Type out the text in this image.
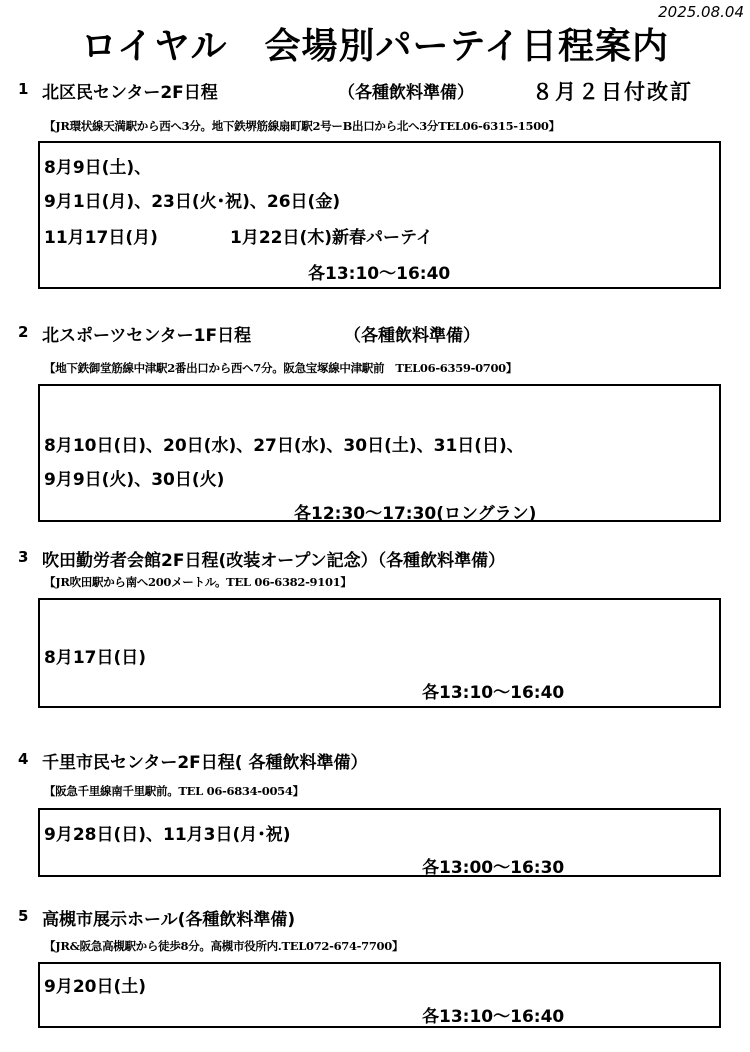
2025.08.04
ロイヤル　会場別パーテイ日程案内
1 北区民センター2F日程	（各種飲料準備）	８月２日付改訂
【JR環状線天満駅から西へ3分。地下鉄堺筋線扇町駅2号ーB出口から北へ3分TEL06-6315-1500】
8月9日(土)、
9月1日(月)、23日(火･祝)、26日(金)
11月17日(月)	1月22日(木)新春パーテイ
各13:10〜16:40
2 北スポーツセンター1F日程	（各種飲料準備）
【地下鉄御堂筋線中津駅2番出口から西へ7分。阪急宝塚線中津駅前　TEL06-6359-0700】
8月10日(日)、20日(水)、27日(水)、30日(土)、31日(日)、
9月9日(火)、30日(火)
各12:30〜17:30(ロングラン)
3 吹田勤労者会館2F日程(改装オープン記念）（各種飲料準備）
【JR吹田駅から南へ200メートル。TEL 06-6382-9101】
8月17日(日)
各13:10〜16:40
4 千里市民センター2F日程( 各種飲料準備）
【阪急千里線南千里駅前。TEL 06-6834-0054】
9月28日(日)、11月3日(月･祝)
各13:00〜16:30
5 高槻市展示ホール(各種飲料準備)
【JR&阪急高槻駅から徒歩8分。高槻市役所内.TEL072-674-7700】
9月20日(土)
各13:10〜16:40
